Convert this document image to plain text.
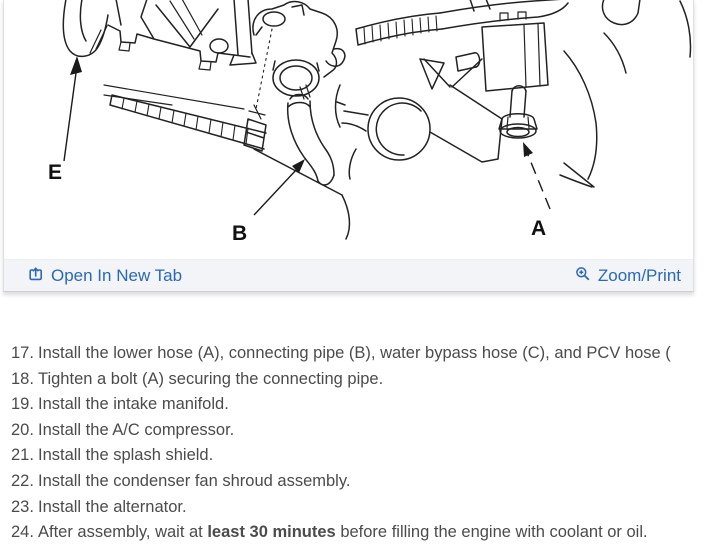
E
B	A
Open In New Tab	Zoom/Print
17. Install the lower hose (A), connecting pipe (B), water bypass hose (C), and PCV hose (
18. Tighten a bolt (A) securing the connecting pipe.
19. Install the intake manifold.
20. Install the A/C compressor.
21. Install the splash shield.
22. Install the condenser fan shroud assembly.
23. Install the alternator.
24. After assembly, wait at least 30 minutes before filling the engine with coolant or oil.
